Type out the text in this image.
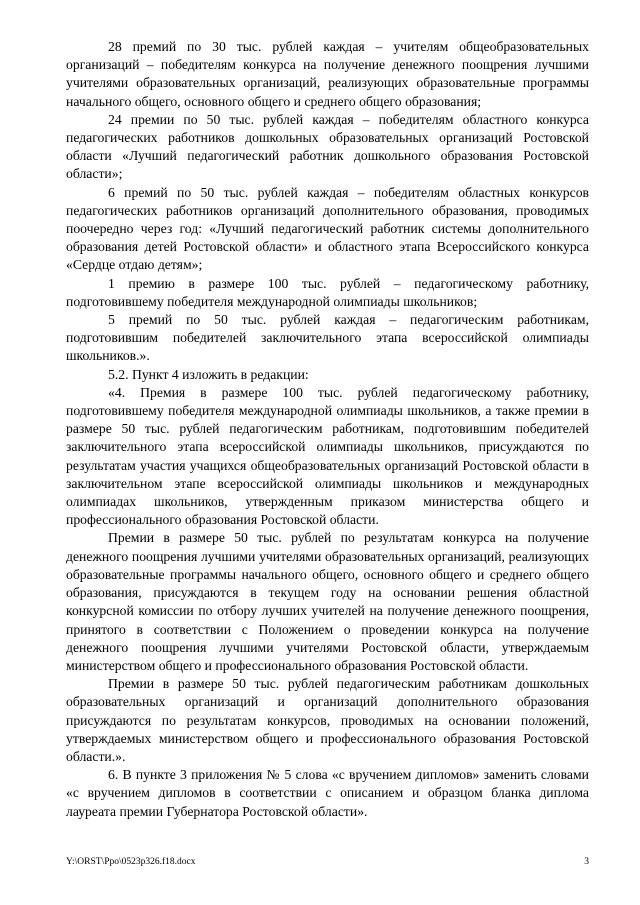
28 премий по 30 тыс. рублей каждая – учителям общеобразовательных организаций – победителям конкурса на получение денежного поощрения лучшими учителями образовательных организаций, реализующих образовательные программы начального общего, основного общего и среднего общего образования;

24 премии по 50 тыс. рублей каждая – победителям областного конкурса педагогических работников дошкольных образовательных организаций Ростовской области «Лучший педагогический работник дошкольного образования Ростовской области»;

6 премий по 50 тыс. рублей каждая – победителям областных конкурсов педагогических работников организаций дополнительного образования, проводимых поочередно через год: «Лучший педагогический работник системы дополнительного образования детей Ростовской области» и областного этапа Всероссийского конкурса «Сердце отдаю детям»;

1 премию в размере 100 тыс. рублей – педагогическому работнику, подготовившему победителя международной олимпиады школьников;

5 премий по 50 тыс. рублей каждая – педагогическим работникам, подготовившим победителей заключительного этапа всероссийской олимпиады школьников.».

5.2. Пункт 4 изложить в редакции:

«4. Премия в размере 100 тыс. рублей педагогическому работнику, подготовившему победителя международной олимпиады школьников, а также премии в размере 50 тыс. рублей педагогическим работникам, подготовившим победителей заключительного этапа всероссийской олимпиады школьников, присуждаются по результатам участия учащихся общеобразовательных организаций Ростовской области в заключительном этапе всероссийской олимпиады школьников и международных олимпиадах школьников, утвержденным приказом министерства общего и профессионального образования Ростовской области.

Премии в размере 50 тыс. рублей по результатам конкурса на получение денежного поощрения лучшими учителями образовательных организаций, реализующих образовательные программы начального общего, основного общего и среднего общего образования, присуждаются в текущем году на основании решения областной конкурсной комиссии по отбору лучших учителей на получение денежного поощрения, принятого в соответствии с Положением о проведении конкурса на получение денежного поощрения лучшими учителями Ростовской области, утверждаемым министерством общего и профессионального образования Ростовской области.

Премии в размере 50 тыс. рублей педагогическим работникам дошкольных образовательных организаций и организаций дополнительного образования присуждаются по результатам конкурсов, проводимых на основании положений, утверждаемых министерством общего и профессионального образования Ростовской области.».

6. В пункте 3 приложения № 5 слова «с вручением дипломов» заменить словами «с вручением дипломов в соответствии с описанием и образцом бланка диплома лауреата премии Губернатора Ростовской области».

Y:\ORST\Ppo\0523p326.f18.docx	3
